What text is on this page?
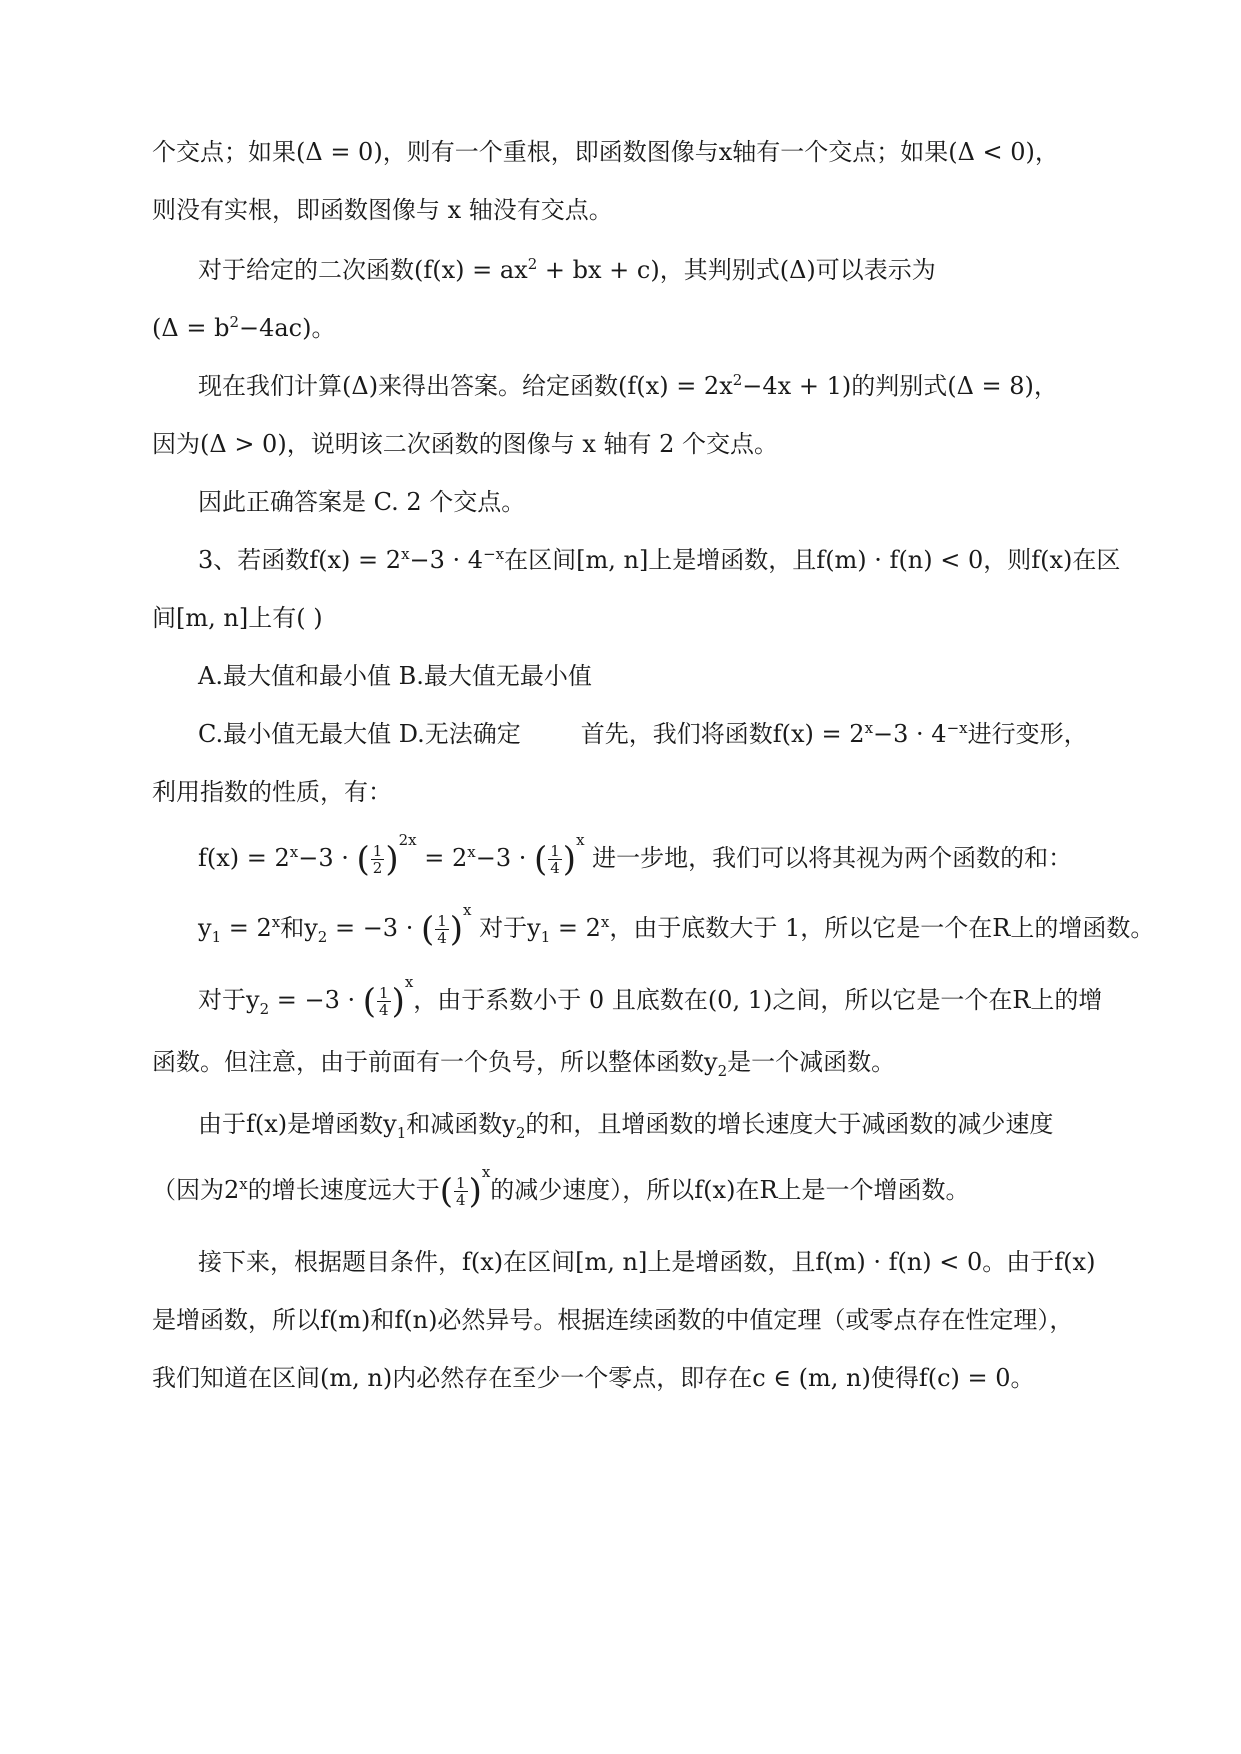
个交点；如果(Δ = 0)，则有一个重根，即函数图像与x轴有一个交点；如果(Δ < 0)，
则没有实根，即函数图像与 x 轴没有交点。
对于给定的二次函数($f(x) = ax^2$ + bx + c)，其判别式(Δ)可以表示为
$(\Delta = b^2-4ac)$。
现在我们计算(Δ)来得出答案。给定函数$(f(x) = 2x^2-4x + 1)$的判别式(Δ = 8)，
因为(Δ > 0)，说明该二次函数的图像与 x 轴有 2 个交点。
因此正确答案是 C. 2 个交点。
3、若函数$f(x) = 2^x-3 \cdot 4^{-x}$在区间[m, n]上是增函数，且f(m) · f(n) < 0，则f(x)在区
间[m, n]上有( )
A.最大值和最小值 B.最大值无最小值
C.最小值无最大值 D.无法确定	首先，我们将函数$f(x) = 2^x-3 \cdot 4^{-x}$进行变形，
利用指数的性质，有：
$f(x) = 2^x-3$ · ( $\frac{1}{2} )^{2x} = 2^x-3$ · ( $\frac{1}{4} )^x$ 进一步地，我们可以将其视为两个函数的和：
$y_1 = 2^x$和$y_2 = -3$ · ( $\frac{1}{4} )^x$ 对于$y_1 = 2^x$，由于底数大于 1，所以它是一个在R上的增函数。
对于$y_2 = -3$ · ( $\frac{1}{4} )^x$，由于系数小于 0 且底数在(0, 1)之间，所以它是一个在R上的增
函数。但注意，由于前面有一个负号，所以整体函数$y_2$是一个减函数。
由于f(x)是增函数$y_1$和减函数$y_2$的和，且增函数的增长速度大于减函数的减少速度
（因为2$^x$的增长速度远大于( $\frac{1}{4} )^x$的减少速度），所以f(x)在R上是一个增函数。
接下来，根据题目条件，f(x)在区间[m, n]上是增函数，且f(m) · f(n) < 0。由于f(x)
是增函数，所以f(m)和f(n)必然异号。根据连续函数的中值定理（或零点存在性定理），
我们知道在区间(m, n)内必然存在至少一个零点，即存在c ∈ (m, n)使得f(c) = 0。
